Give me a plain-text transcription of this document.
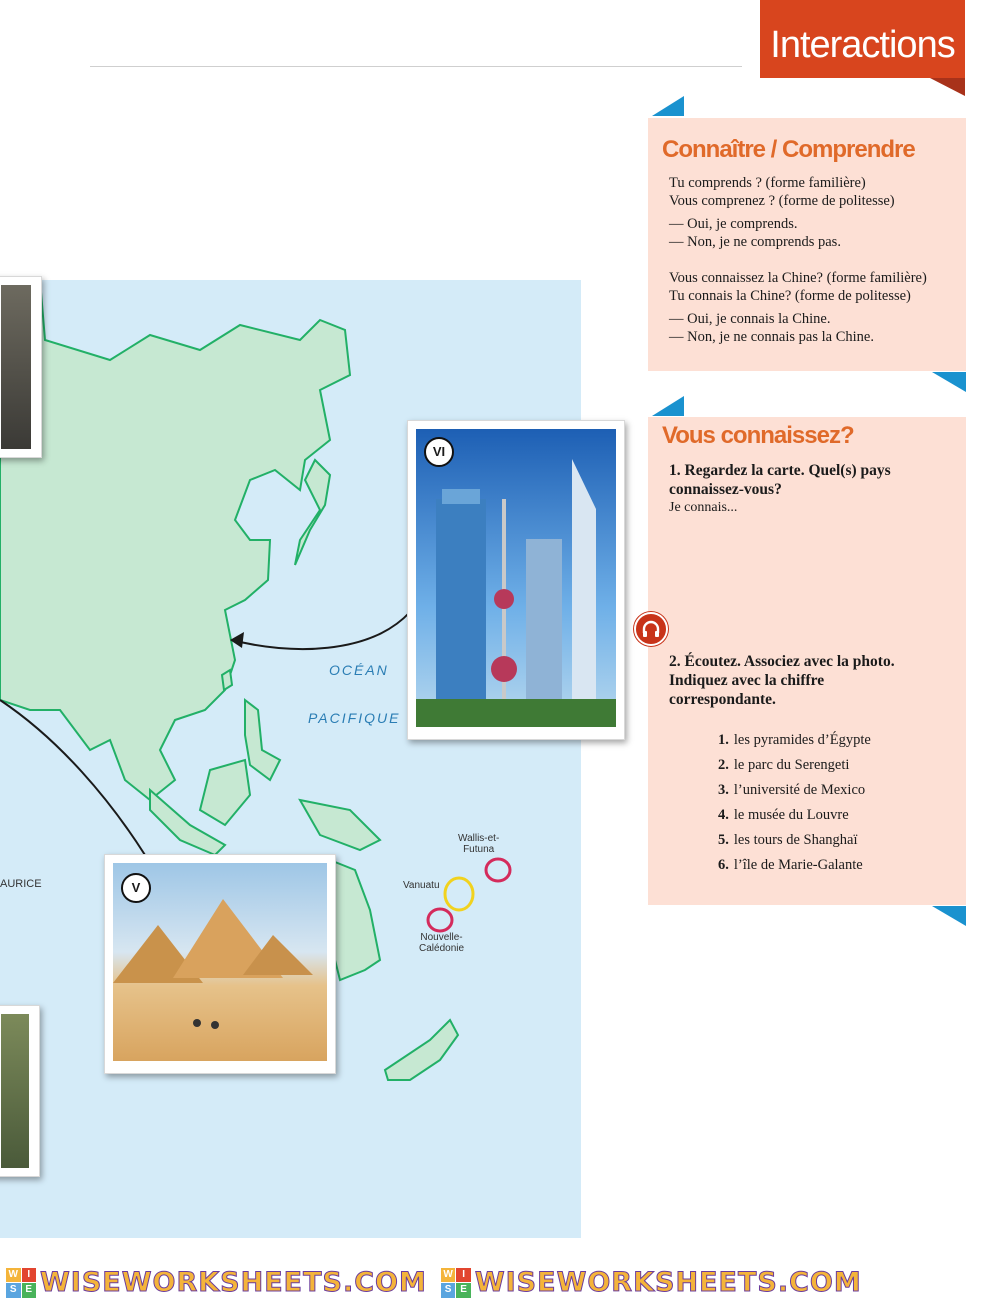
Interactions
Connaître / Comprendre
Tu comprends ? (forme familière)
Vous comprenez ? (forme de politesse)
— Oui, je comprends.
— Non, je ne comprends pas.
Vous connaissez la Chine? (forme familière)
Tu connais la Chine? (forme de politesse)
— Oui, je connais la Chine.
— Non, je ne connais pas la Chine.
Vous connaissez?
1. Regardez la carte. Quel(s) pays
connaissez-vous?
Je connais...
2. Écoutez. Associez avec la photo.
Indiquez avec la chiffre
correspondante.
1. les pyramides d’Égypte
2. le parc du Serengeti
3. l’université de Mexico
4. le musée du Louvre
5. les tours de Shanghaï
6. l’île de Marie-Galante
OCÉAN
PACIFIQUE
AURICE
Wallis-et-
Futuna
Vanuatu
Nouvelle-
Calédonie
VI
V
W I
S E WISEWORKSHEETS.COM W I
S E WISEWORKSHEETS.COM
